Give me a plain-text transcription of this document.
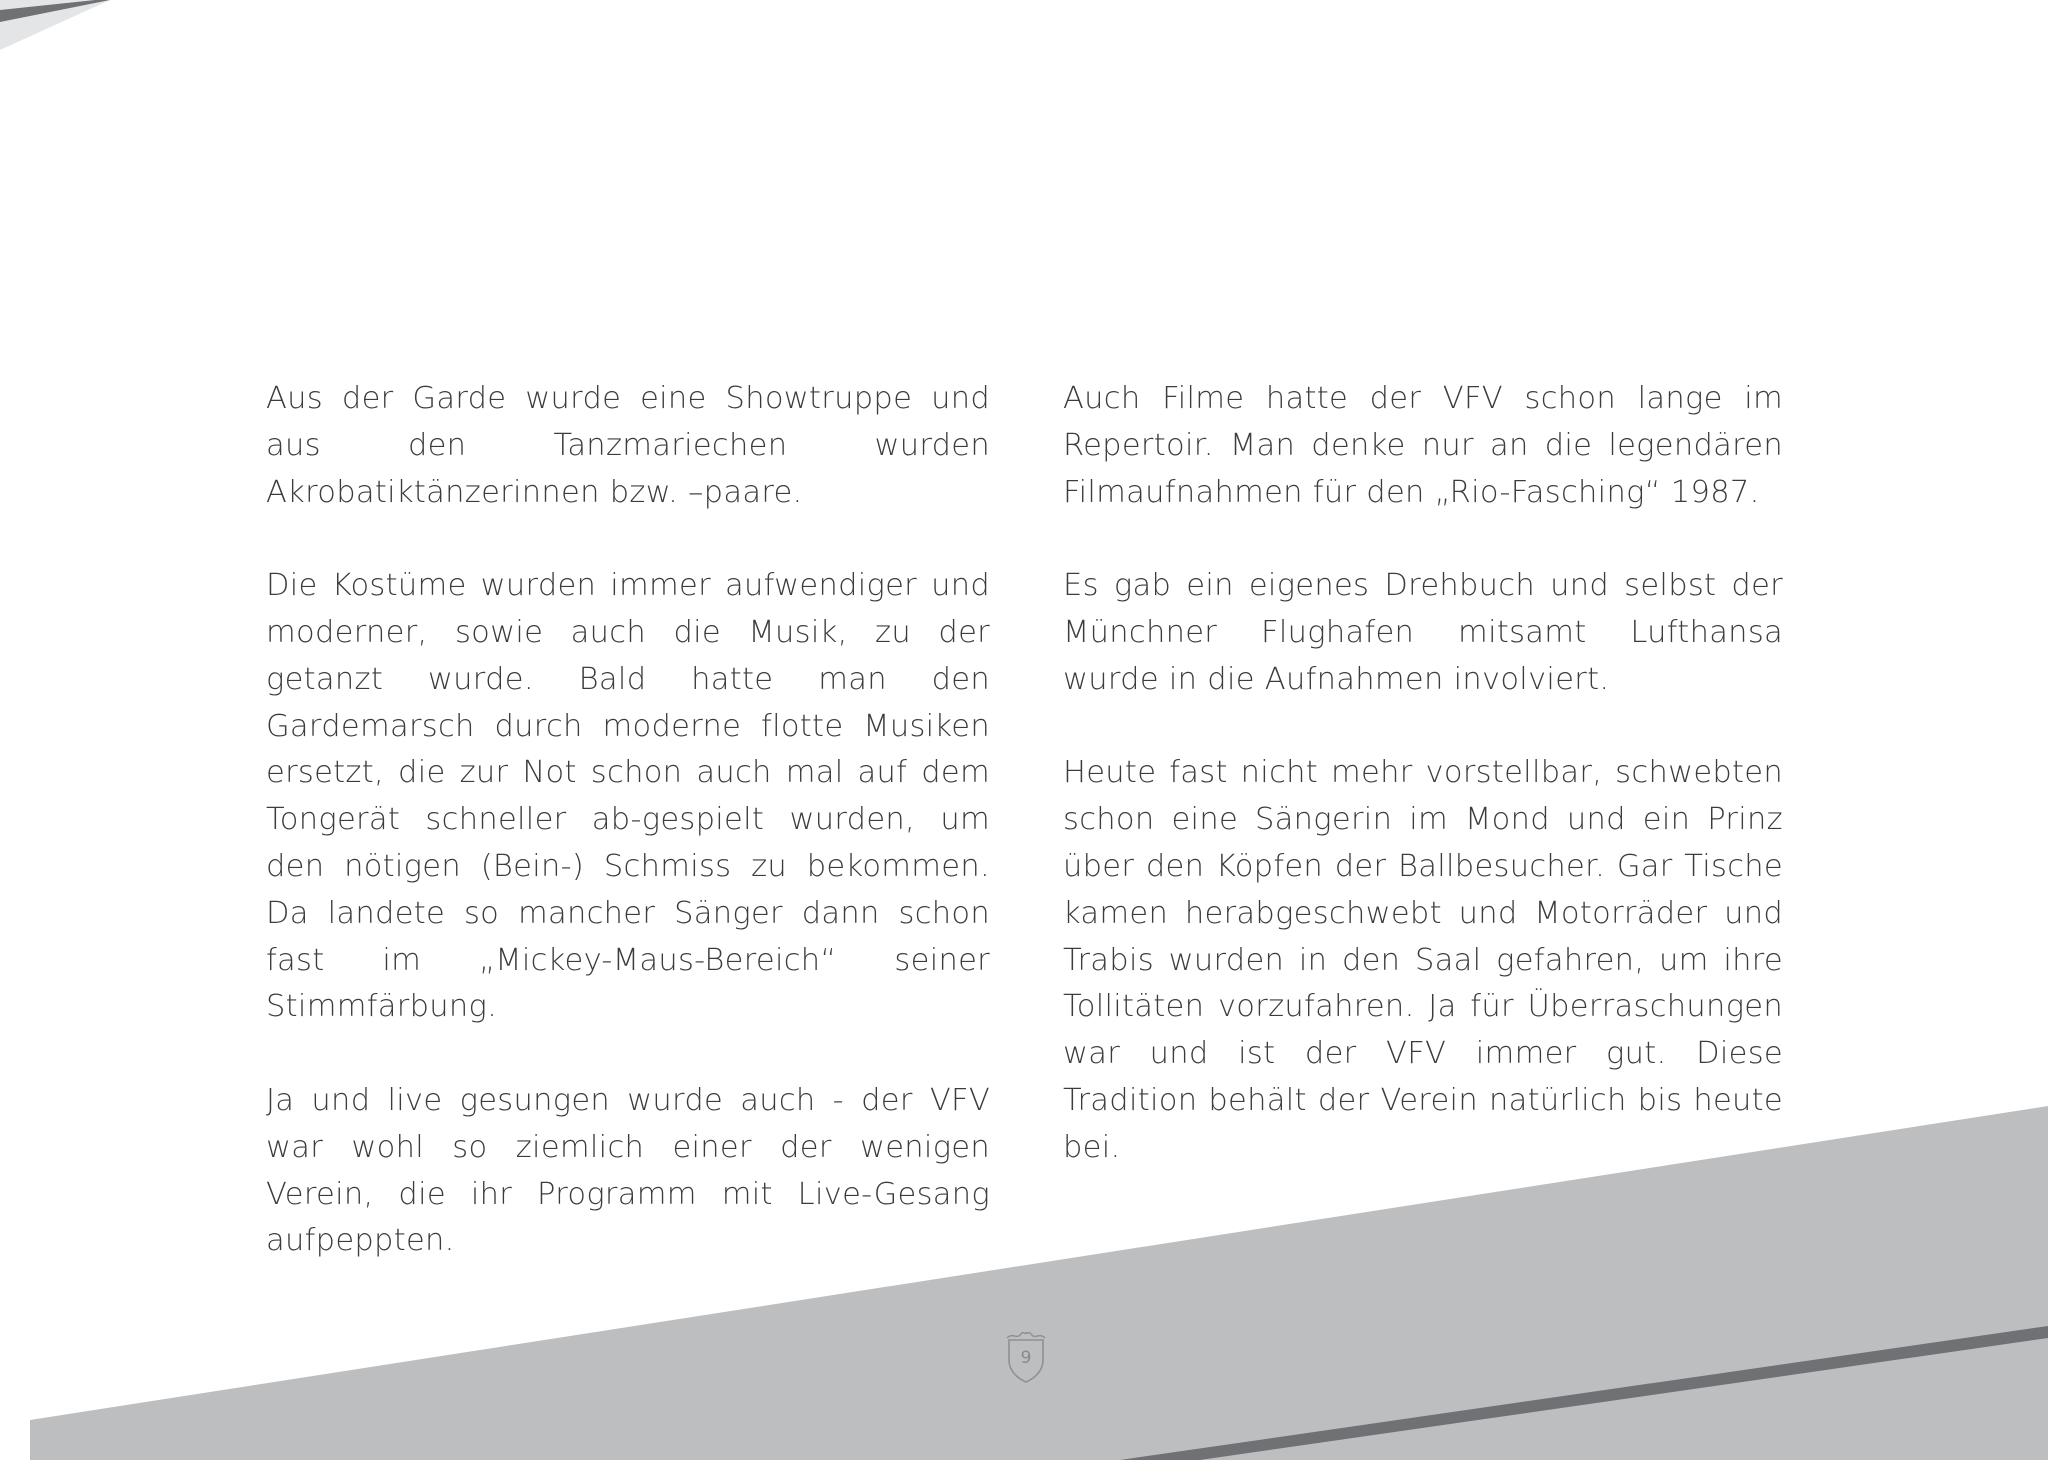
Aus der Garde wurde eine Showtruppe und aus den Tanzmariechen wurden Akrobatiktänzerinnen bzw. –paare.

Die Kostüme wurden immer aufwendiger und moderner, sowie auch die Musik, zu der getanzt wurde. Bald hatte man den Gardemarsch durch moderne flotte Musiken ersetzt, die zur Not schon auch mal auf dem Tongerät schneller ab-gespielt wurden, um den nötigen (Bein-) Schmiss zu bekommen. Da landete so mancher Sänger dann schon fast im „Mickey-Maus-Bereich“ seiner Stimmfärbung.

Ja und live gesungen wurde auch - der VFV war wohl so ziemlich einer der wenigen Verein, die ihr Programm mit Live-Gesang aufpeppten.

Auch Filme hatte der VFV schon lange im Repertoir. Man denke nur an die legendären Filmaufnahmen für den „Rio-Fasching“ 1987.

Es gab ein eigenes Drehbuch und selbst der Münchner Flughafen mitsamt Lufthansa wurde in die Aufnahmen involviert.

Heute fast nicht mehr vorstellbar, schwebten schon eine Sängerin im Mond und ein Prinz über den Köpfen der Ballbesucher. Gar Tische kamen herabgeschwebt und Motorräder und Trabis wurden in den Saal gefahren, um ihre Tollitäten vorzufahren. Ja für Überraschungen war und ist der VFV immer gut. Diese Tradition behält der Verein natürlich bis heute bei.

9
